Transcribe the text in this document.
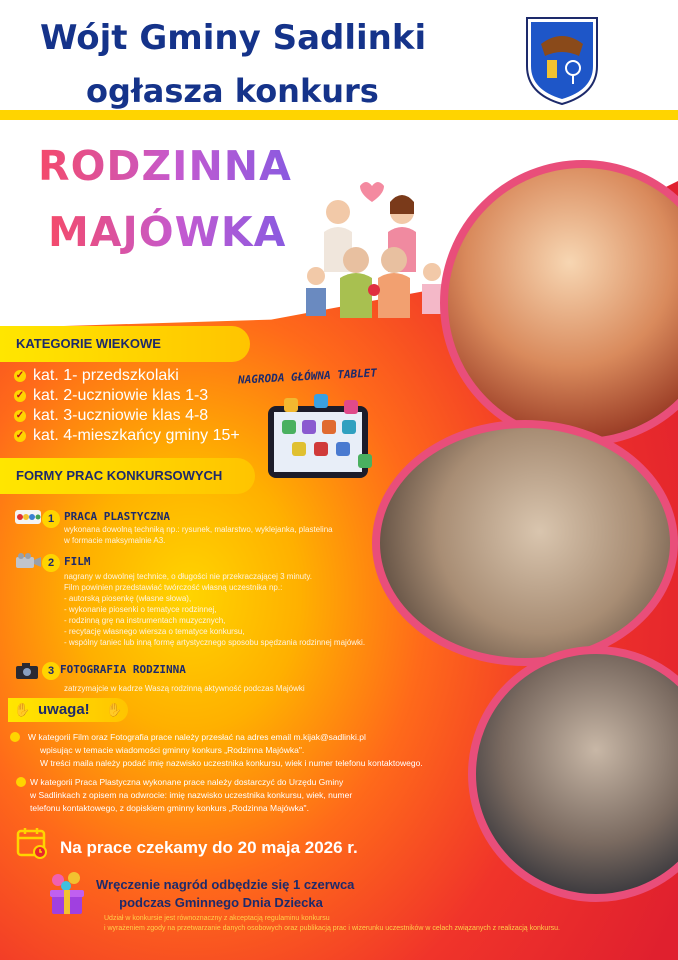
Wójt Gminy Sadlinki
ogłasza konkurs
RODZINNA
MAJÓWKA
KATEGORIE WIEKOWE
✓ kat. 1- przedszkolaki
✓ kat. 2-uczniowie klas 1-3
✓ kat. 3-uczniowie klas 4-8
✓ kat. 4-mieszkańcy gminy 15+
NAGRODA GŁÓWNA TABLET
FORMY PRAC KONKURSOWYCH
1 PRACA PLASTYCZNA
wykonana dowolną techniką np.: rysunek, malarstwo, wyklejanka, plastelina
w formacie maksymalnie A3.
2 FILM
nagrany w dowolnej technice, o długości nie przekraczającej 3 minuty.
Film powinien przedstawiać twórczość własną uczestnika np.:
- autorską piosenkę (własne słowa),
- wykonanie piosenki o tematyce rodzinnej,
- rodzinną grę na instrumentach muzycznych,
- recytację własnego wiersza o tematyce konkursu,
- wspólny taniec lub inną formę artystycznego sposobu spędzania rodzinnej majówki.
3 FOTOGRAFIA RODZINNA
zatrzymajcie w kadrze Waszą rodzinną aktywność podczas Majówki
✋ uwaga! ✋
W kategorii Film oraz Fotografia prace należy przesłać na adres email m.kijak@sadlinki.pl
wpisując w temacie wiadomości gminny konkurs „Rodzinna Majówka".
W treści maila należy podać imię nazwisko uczestnika konkursu, wiek i numer telefonu kontaktowego.
W kategorii Praca Plastyczna wykonane prace należy dostarczyć do Urzędu Gminy
w Sadlinkach z opisem na odwrocie: imię nazwisko uczestnika konkursu, wiek, numer
telefonu kontaktowego, z dopiskiem gminny konkurs „Rodzinna Majówka".
Na prace czekamy do 20 maja 2026 r.
Wręczenie nagród odbędzie się 1 czerwca
podczas Gminnego Dnia Dziecka
Udział w konkursie jest równoznaczny z akceptacją regulaminu konkursu
i wyrażeniem zgody na przetwarzanie danych osobowych oraz publikacją prac i wizerunku uczestników w celach związanych z realizacją konkursu.
